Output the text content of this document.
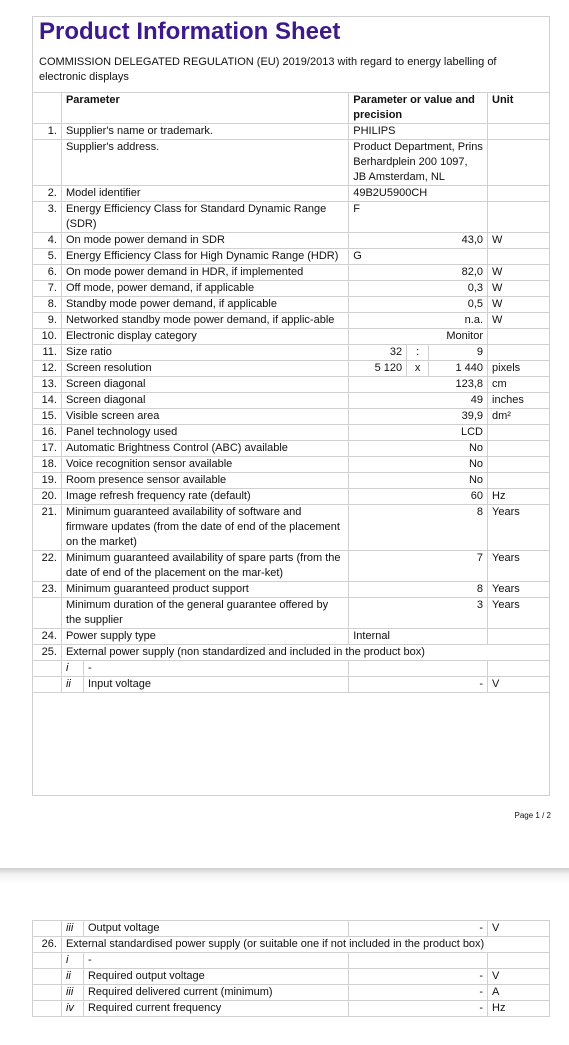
Product Information Sheet
COMMISSION DELEGATED REGULATION (EU) 2019/2013 with regard to energy labelling of electronic displays
	Parameter	Parameter or value and precision			Unit
1.	Supplier's name or trademark.	PHILIPS			
	Supplier's address.	Product Department, Prins Berhardplein 200 1097, JB Amsterdam, NL			
2.	Model identifier	49B2U5900CH			
3.	Energy Efficiency Class for Standard Dynamic Range (SDR)	F			
4.	On mode power demand in SDR	43,0			W
5.	Energy Efficiency Class for High Dynamic Range (HDR)	G			
6.	On mode power demand in HDR, if implemented	82,0			W
7.	Off mode, power demand, if applicable	0,3			W
8.	Standby mode power demand, if applicable	0,5			W
9.	Networked standby mode power demand, if applic-able	n.a.			W
10.	Electronic display category	Monitor			
11.	Size ratio	32	:	9	
12.	Screen resolution	5 120	x	1 440	pixels
13.	Screen diagonal	123,8			cm
14.	Screen diagonal	49			inches
15.	Visible screen area	39,9			dm²
16.	Panel technology used	LCD			
17.	Automatic Brightness Control (ABC) available	No			
18.	Voice recognition sensor available	No			
19.	Room presence sensor available	No			
20.	Image refresh frequency rate (default)	60			Hz
21.	Minimum guaranteed availability of software and firmware updates (from the date of end of the placement on the market)	8			Years
22.	Minimum guaranteed availability of spare parts (from the date of end of the placement on the mar-ket)	7			Years
23.	Minimum guaranteed product support	8			Years
	Minimum duration of the general guarantee offered by the supplier	3			Years
24.	Power supply type	Internal			
25.	External power supply (non standardized and included in the product box)				
	i -				
	ii Input voltage	-			V
Page 1 / 2
	iii Output voltage	-	V
26.	External standardised power supply (or suitable one if not included in the product box)		
	i -		
	ii Required output voltage	-	V
	iii Required delivered current (minimum)	-	A
	iv Required current frequency	-	Hz
